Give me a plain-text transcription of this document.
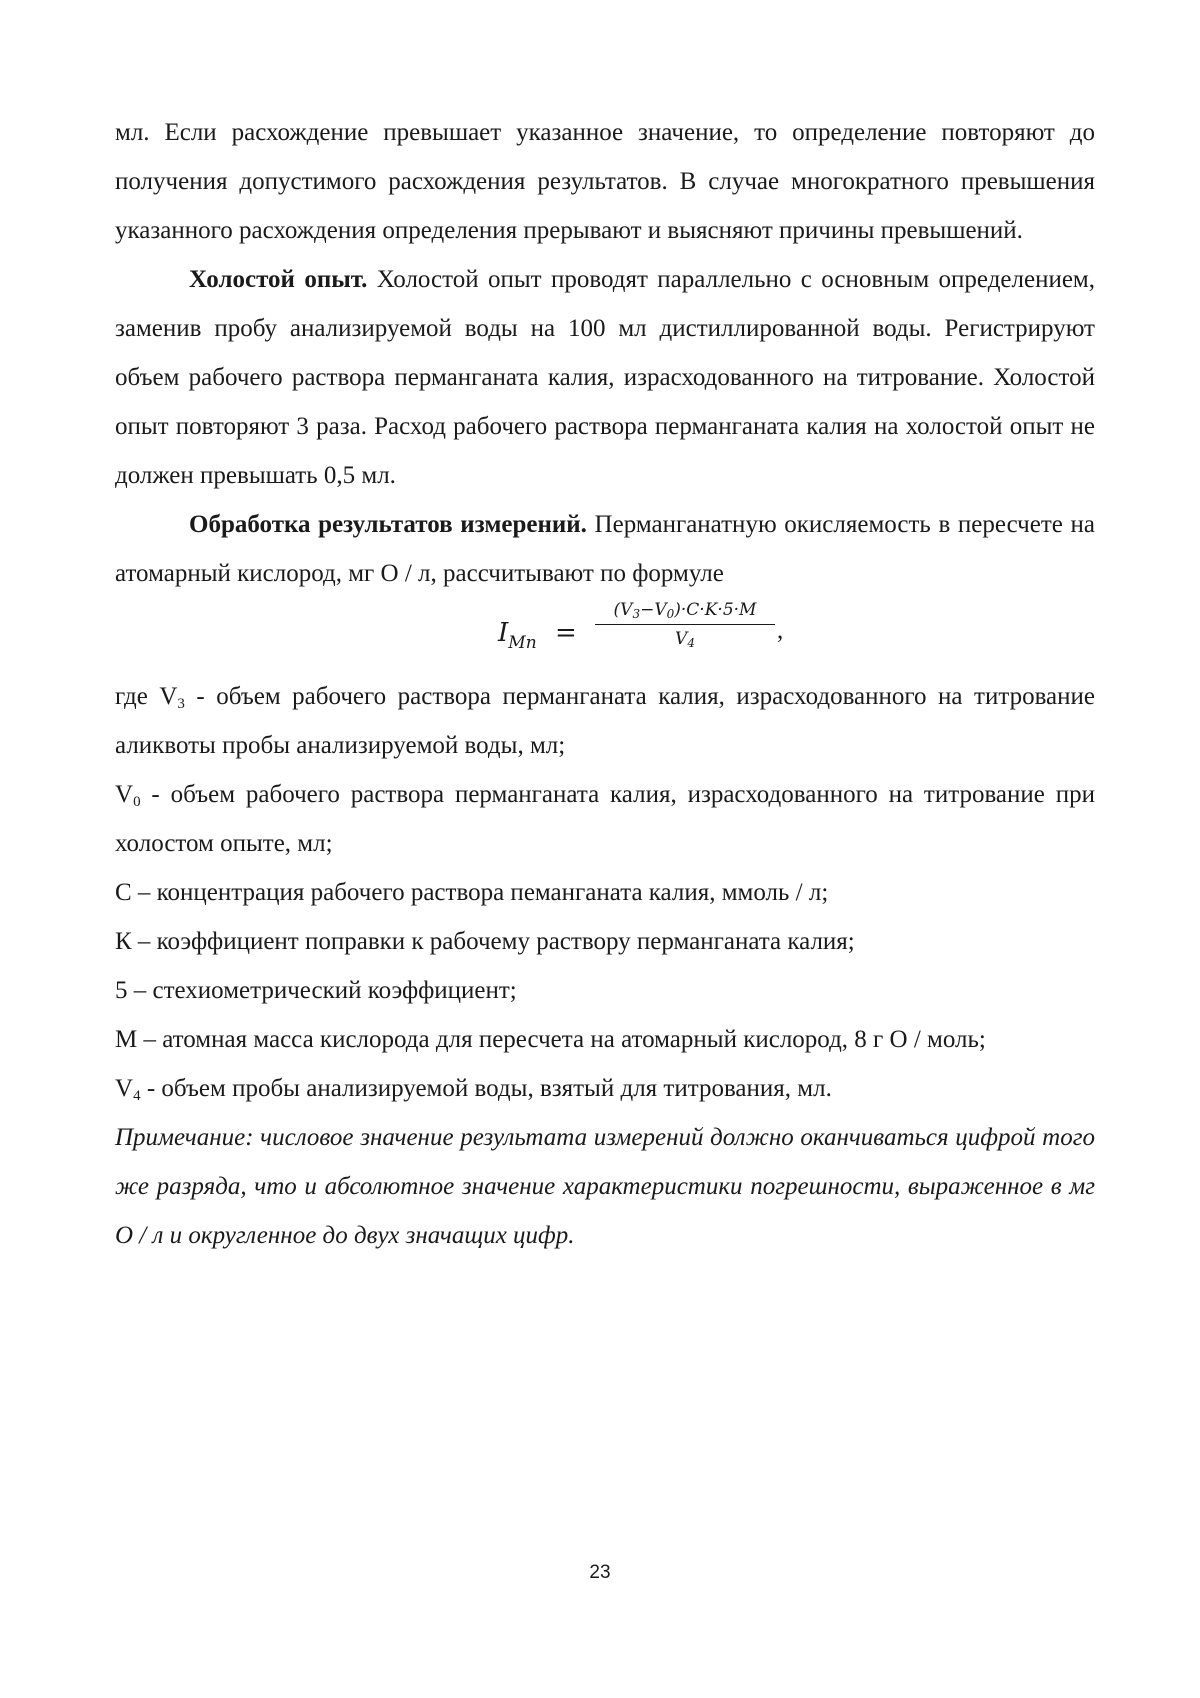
мл. Если расхождение превышает указанное значение, то определение повторяют до получения допустимого расхождения результатов. В случае многократного превышения указанного расхождения определения прерывают и выясняют причины превышений.

Холостой опыт. Холостой опыт проводят параллельно с основным определением, заменив пробу анализируемой воды на 100 мл дистиллированной воды. Регистрируют объем рабочего раствора перманганата калия, израсходованного на титрование. Холостой опыт повторяют 3 раза. Расход рабочего раствора перманганата калия на холостой опыт не должен превышать 0,5 мл.

Обработка результатов измерений. Перманганатную окисляемость в пересчете на атомарный кислород, мг О / л, рассчитывают по формуле

$I_{Mn} = \frac{(V_3-V_0)\cdot C\cdot K\cdot 5\cdot M}{V_4}$ ,

где $V_3$ - объем рабочего раствора перманганата калия, израсходованного на титрование аликвоты пробы анализируемой воды, мл;

$V_0$ - объем рабочего раствора перманганата калия, израсходованного на титрование при холостом опыте, мл;

С – концентрация рабочего раствора пеманганата калия, ммоль / л;

К – коэффициент поправки к рабочему раствору перманганата калия;

5 – стехиометрический коэффициент;

М – атомная масса кислорода для пересчета на атомарный кислород, 8 г О / моль;

$V_4$ - объем пробы анализируемой воды, взятый для титрования, мл.

Примечание: числовое значение результата измерений должно оканчиваться цифрой того же разряда, что и абсолютное значение характеристики погрешности, выраженное в мг О / л и округленное до двух значащих цифр.

23
